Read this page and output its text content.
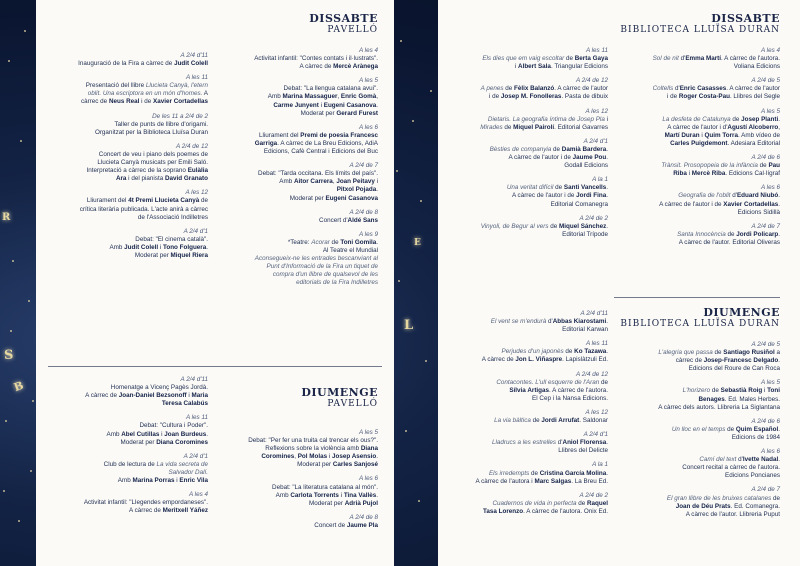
S
B
L
R
E
DISSABTE
PAVELLÓ
A 2/4 d'11
Inauguració de la Fira a càrrec de Judit Colell
A les 11
Presentació del llibre Llucieta Canyà, l'etern
oblit. Una escriptora en un món d'homes. A
càrrec de Neus Real i de Xavier Cortadellas
De les 11 a 2/4 de 2
Taller de punts de llibre d'origami.
Organitzat per la Biblioteca Lluïsa Duran
A 2/4 de 12
Concert de veu i piano dels poemes de
Llucieta Canyà musicats per Emili Saló.
Interpretació a càrrec de la soprano Eulàlia
Ara i del pianista David Granato
A les 12
Lliurament del 4t Premi Llucieta Canyà de
crítica literària publicada. L'acte anirà a càrrec
de l'Associació Indilletres
A 2/4 d'1
Debat: "El cinema català".
Amb Judit Colell i Tono Folguera.
Moderat per Miquel Riera
A les 4
Activitat infantil: "Contes contats i il·lustrats".
A càrrec de Mercè Arànega
A les 5
Debat: "La llengua catalana avui".
Amb Marina Massaguer, Enric Gomà,
Carme Junyent i Eugeni Casanova.
Moderat per Gerard Furest
A les 6
Lliurament del Premi de poesia Francesc
Garriga. A càrrec de La Breu Edicions, AdiA
Edicions, Cafè Central i Edicions del Buc
A 2/4 de 7
Debat: "Tarda occitana. Els límits del país".
Amb Aitor Carrera, Joan Peitavy i
Pitxol Pojada.
Moderat per Eugeni Casanova
A 2/4 de 8
Concert d'Aldé Sans
A les 9
*Teatre: Acorar de Toni Gomila.
Al Teatre el Mundial
Aconsegueix-ne les entrades bescanviant al
Punt d'Informació de la Fira un tiquet de
compra d'un llibre de qualsevol de les
editorials de la Fira Indilletres
DIUMENGE
PAVELLÓ
A 2/4 d'11
Homenatge a Vicenç Pagès Jordà.
A càrrec de Joan-Daniel Bezsonoff i Maria
Teresa Calabús
A les 11
Debat: "Cultura i Poder".
Amb Abel Cutillas i Joan Burdeus.
Moderat per Diana Coromines
A 2/4 d'1
Club de lectura de La vida secreta de
Salvador Dalí.
Amb Marina Porras i Enric Vila
A les 4
Activitat infantil: "Llegendes empordaneses".
A càrrec de Meritxell Yáñez
A les 5
Debat: "Per fer una truita cal trencar els ous?".
Reflexions sobre la violència amb Diana
Coromines, Pol Molas i Josep Asensio.
Moderat per Carles Sanjosé
A les 6
Debat: "La literatura catalana al món".
Amb Carlota Torrents i Tina Vallès.
Moderat per Adrià Pujol
A 2/4 de 8
Concert de Jaume Pla
DISSABTE
BIBLIOTECA LLUÏSA DURAN
A les 11
Els dies que em vaig escoltar de Berta Gaya
i Albert Sala. Triangular Edicions
A 2/4 de 12
A penes de Fèlix Balanzó. A càrrec de l'autor
i de Josep M. Fonolleras. Pasta de dibuix
A les 12
Dietaris. La geografia íntima de Josep Pla i
Mirades de Miquel Pairolí. Editorial Gavarres
A 2/4 d'1
Bèsties de companyia de Damià Bardera.
A càrrec de l'autor i de Jaume Pou.
Godall Edicions
A la 1
Una veritat difícil de Santi Vancells.
A càrrec de l'autor i de Jordi Fina.
Editorial Comanegra
A 2/4 de 2
Vinyoli, de Begur al vers de Miquel Sánchez.
Editorial Trípode
A les 4
Sol de nit d'Emma Martí. A càrrec de l'autora.
Voliana Edicions
A 2/4 de 5
Coltells d'Enric Casasses. A càrrec de l'autor
i de Roger Costa-Pau. Llibres del Segle
A les 5
La desfeta de Catalunya de Josep Planti.
A càrrec de l'autor i d'Agustí Alcoberro,
Martí Duran i Quim Torra. Amb vídeo de
Carles Puigdemont. Adesiara Editorial
A 2/4 de 6
Trànsit. Prosopopeia de la infància de Pau
Riba i Mercè Riba. Edicions Cal·lígraf
A les 6
Geografia de l'oblit d'Eduard Niubó.
A càrrec de l'autor i de Xavier Cortadellas.
Edicions Sidillà
A 2/4 de 7
Santa Innocència de Jordi Policarp.
A càrrec de l'autor. Editorial Oliveras
DIUMENGE
BIBLIOTECA LLUÏSA DURAN
A 2/4 d'11
El vent se m'endurà d'Abbas Kiarostami.
Editorial Karwan
A les 11
Perjudes d'un japonès de Ko Tazawa.
A càrrec de Jon L. Viñaspre. Lapislàtzuli Ed.
A 2/4 de 12
Contacontes. L'ull esquerre de l'Aran de
Sílvia Artigas. A càrrec de l'autora.
El Cep i la Nansa Edicions.
A les 12
La via bàltica de Jordi Arrufat. Saldonar
A 2/4 d'1
Lladrucs a les estrelles d'Aniol Florensa.
Llibres del Delicte
A la 1
Els irredempts de Cristina García Molina.
A càrrec de l'autora i Marc Salgas. La Breu Ed.
A 2/4 de 2
Cuadernos de vida in perfecta de Raquel
Tasa Lorenzo. A càrrec de l'autora. Onix Ed.
A 2/4 de 5
L'alegria que passa de Santiago Rusiñol a
càrrec de Josep-Francesc Delgado.
Edicions del Roure de Can Roca
A les 5
L'horizero de Sebastià Roig i Toni
Benages. Ed. Males Herbes.
A càrrec dels autors. Llibreria La Siglantana
A 2/4 de 6
Un lloc en el temps de Quim Español.
Edicions de 1984
A les 6
Camí del text d'Ivette Nadal.
Concert recital a càrrec de l'autora.
Edicions Poncianes
A 2/4 de 7
El gran llibre de les bruixes catalanes de
Joan de Déu Prats. Ed. Comanegra.
A càrrec de l'autor. Llibreria Puput
